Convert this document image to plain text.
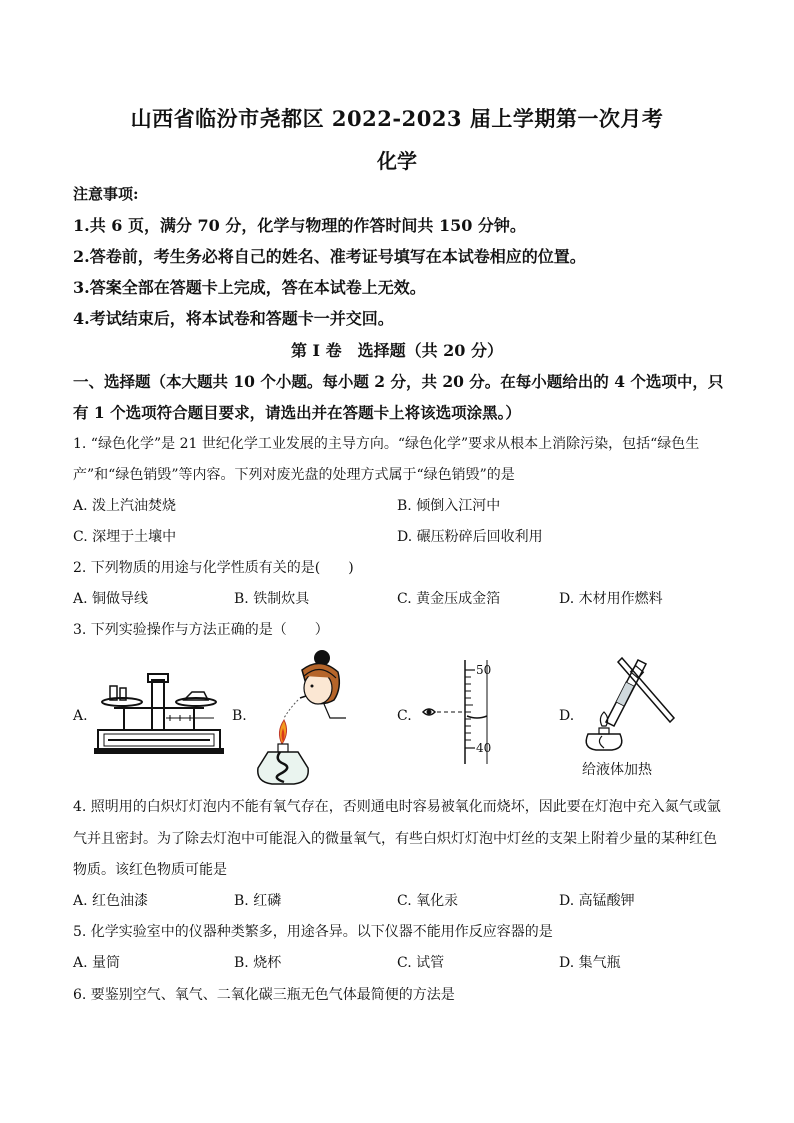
山西省临汾市尧都区 2022-2023 届上学期第一次月考
化学
注意事项:
1.共 6 页，满分 70 分，化学与物理的作答时间共 150 分钟。
2.答卷前，考生务必将自己的姓名、准考证号填写在本试卷相应的位置。
3.答案全部在答题卡上完成，答在本试卷上无效。
4.考试结束后，将本试卷和答题卡一并交回。
第 I 卷　选择题（共 20 分）
一、选择题（本大题共 10 个小题。每小题 2 分，共 20 分。在每小题给出的 4 个选项中，只
有 1 个选项符合题目要求，请选出并在答题卡上将该选项涂黑。）
1. “绿色化学”是 21 世纪化学工业发展的主导方向。“绿色化学”要求从根本上消除污染，包括“绿色生
产”和“绿色销毁”等内容。下列对废光盘的处理方式属于“绿色销毁”的是
A. 泼上汽油焚烧	B. 倾倒入江河中
C. 深埋于土壤中	D. 碾压粉碎后回收利用
2. 下列物质的用途与化学性质有关的是(　　)
A. 铜做导线	B. 铁制炊具	C. 黄金压成金箔	D. 木材用作燃料
3. 下列实验操作与方法正确的是（　　）
A.	B.	C.
50
40
D.
给液体加热
4. 照明用的白炽灯灯泡内不能有氧气存在，否则通电时容易被氧化而烧坏，因此要在灯泡中充入氮气或氩
气并且密封。为了除去灯泡中可能混入的微量氧气，有些白炽灯灯泡中灯丝的支架上附着少量的某种红色
物质。该红色物质可能是
A. 红色油漆	B. 红磷	C. 氧化汞	D. 高锰酸钾
5. 化学实验室中的仪器种类繁多，用途各异。以下仪器不能用作反应容器的是
A. 量筒	B. 烧杯	C. 试管	D. 集气瓶
6. 要鉴别空气、氧气、二氧化碳三瓶无色气体最简便的方法是
